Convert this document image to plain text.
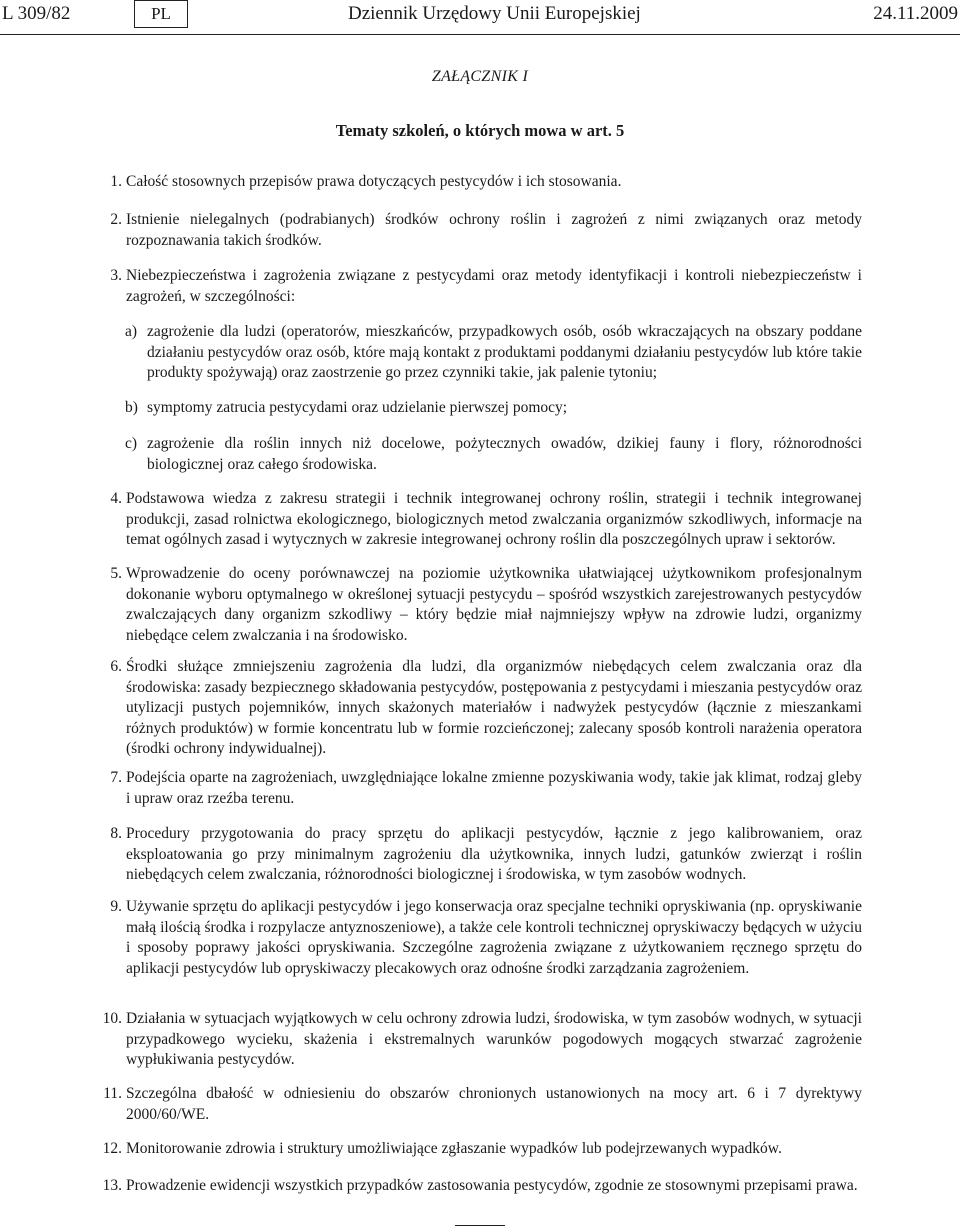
L 309/82	PL	Dziennik Urzędowy Unii Europejskiej	24.11.2009
ZAŁĄCZNIK I
Tematy szkoleń, o których mowa w art. 5
1. Całość stosownych przepisów prawa dotyczących pestycydów i ich stosowania.
2. Istnienie nielegalnych (podrabianych) środków ochrony roślin i zagrożeń z nimi związanych oraz metody rozpoznawania takich środków.
3. Niebezpieczeństwa i zagrożenia związane z pestycydami oraz metody identyfikacji i kontroli niebezpieczeństw i zagrożeń, w szczególności:
a) zagrożenie dla ludzi (operatorów, mieszkańców, przypadkowych osób, osób wkraczających na obszary poddane działaniu pestycydów oraz osób, które mają kontakt z produktami poddanymi działaniu pestycydów lub które takie produkty spożywają) oraz zaostrzenie go przez czynniki takie, jak palenie tytoniu;
b) symptomy zatrucia pestycydami oraz udzielanie pierwszej pomocy;
c) zagrożenie dla roślin innych niż docelowe, pożytecznych owadów, dzikiej fauny i flory, różnorodności biologicznej oraz całego środowiska.
4. Podstawowa wiedza z zakresu strategii i technik integrowanej ochrony roślin, strategii i technik integrowanej produkcji, zasad rolnictwa ekologicznego, biologicznych metod zwalczania organizmów szkodliwych, informacje na temat ogólnych zasad i wytycznych w zakresie integrowanej ochrony roślin dla poszczególnych upraw i sektorów.
5. Wprowadzenie do oceny porównawczej na poziomie użytkownika ułatwiającej użytkownikom profesjonalnym dokonanie wyboru optymalnego w określonej sytuacji pestycydu – spośród wszystkich zarejestrowanych pestycydów zwalczających dany organizm szkodliwy – który będzie miał najmniejszy wpływ na zdrowie ludzi, organizmy niebędące celem zwalczania i na środowisko.
6. Środki służące zmniejszeniu zagrożenia dla ludzi, dla organizmów niebędących celem zwalczania oraz dla środowiska: zasady bezpiecznego składowania pestycydów, postępowania z pestycydami i mieszania pestycydów oraz utylizacji pustych pojemników, innych skażonych materiałów i nadwyżek pestycydów (łącznie z mieszankami różnych produktów) w formie koncentratu lub w formie rozcieńczonej; zalecany sposób kontroli narażenia operatora (środki ochrony indywidualnej).
7. Podejścia oparte na zagrożeniach, uwzględniające lokalne zmienne pozyskiwania wody, takie jak klimat, rodzaj gleby i upraw oraz rzeźba terenu.
8. Procedury przygotowania do pracy sprzętu do aplikacji pestycydów, łącznie z jego kalibrowaniem, oraz eksploatowania go przy minimalnym zagrożeniu dla użytkownika, innych ludzi, gatunków zwierząt i roślin niebędących celem zwalczania, różnorodności biologicznej i środowiska, w tym zasobów wodnych.
9. Używanie sprzętu do aplikacji pestycydów i jego konserwacja oraz specjalne techniki opryskiwania (np. opryskiwanie małą ilością środka i rozpylacze antyznoszeniowe), a także cele kontroli technicznej opryskiwaczy będących w użyciu i sposoby poprawy jakości opryskiwania. Szczególne zagrożenia związane z użytkowaniem ręcznego sprzętu do aplikacji pestycydów lub opryskiwaczy plecakowych oraz odnośne środki zarządzania zagrożeniem.
10. Działania w sytuacjach wyjątkowych w celu ochrony zdrowia ludzi, środowiska, w tym zasobów wodnych, w sytuacji przypadkowego wycieku, skażenia i ekstremalnych warunków pogodowych mogących stwarzać zagrożenie wypłukiwania pestycydów.
11. Szczególna dbałość w odniesieniu do obszarów chronionych ustanowionych na mocy art. 6 i 7 dyrektywy 2000/60/WE.
12. Monitorowanie zdrowia i struktury umożliwiające zgłaszanie wypadków lub podejrzewanych wypadków.
13. Prowadzenie ewidencji wszystkich przypadków zastosowania pestycydów, zgodnie ze stosownymi przepisami prawa.
